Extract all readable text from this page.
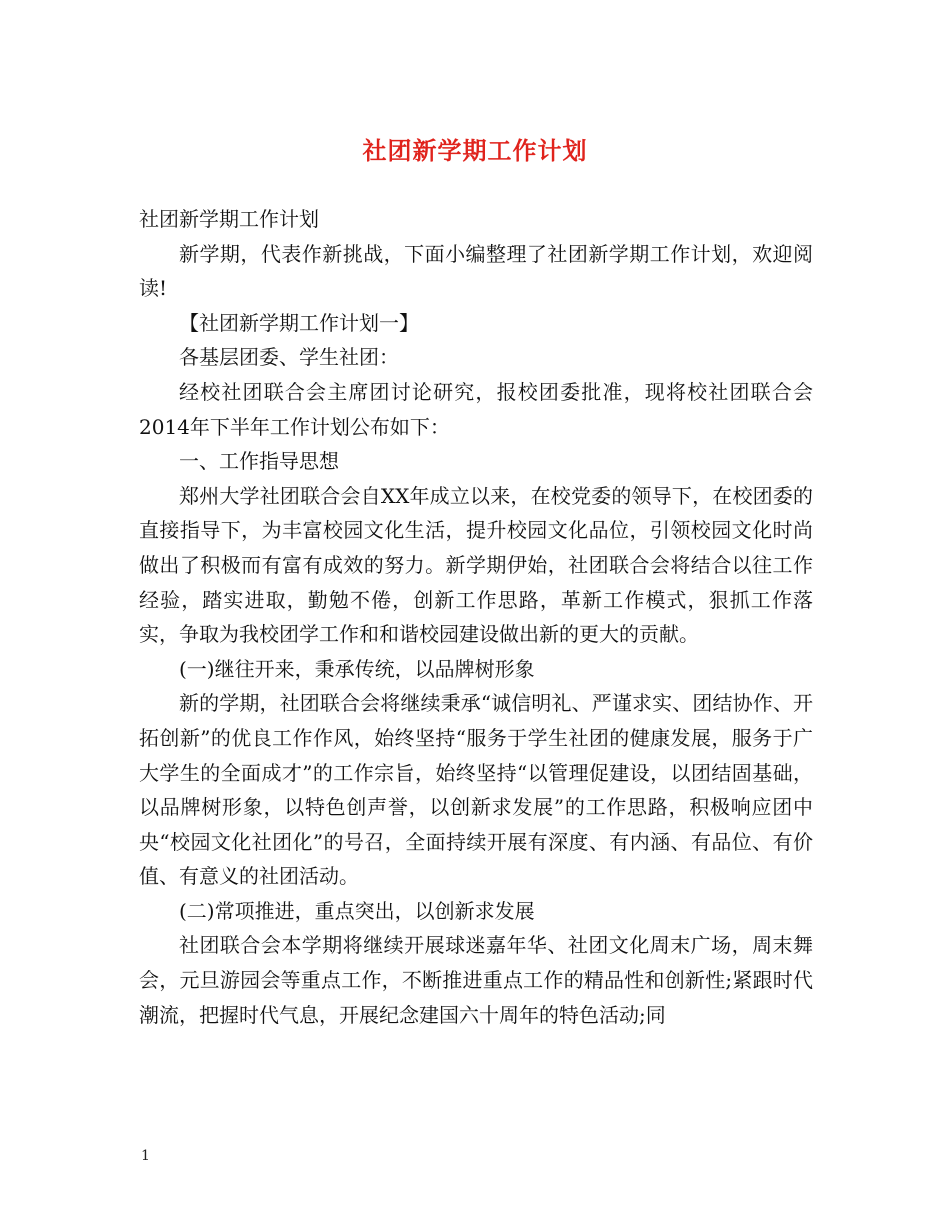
社团新学期工作计划

社团新学期工作计划

新学期，代表作新挑战，下面小编整理了社团新学期工作计划，欢迎阅读!

【社团新学期工作计划一】

各基层团委、学生社团：

经校社团联合会主席团讨论研究，报校团委批准，现将校社团联合会2014年下半年工作计划公布如下：

一、工作指导思想

郑州大学社团联合会自XX年成立以来，在校党委的领导下，在校团委的直接指导下，为丰富校园文化生活，提升校园文化品位，引领校园文化时尚做出了积极而有富有成效的努力。新学期伊始，社团联合会将结合以往工作经验，踏实进取，勤勉不倦，创新工作思路，革新工作模式，狠抓工作落实，争取为我校团学工作和和谐校园建设做出新的更大的贡献。

(一)继往开来，秉承传统，以品牌树形象

新的学期，社团联合会将继续秉承“诚信明礼、严谨求实、团结协作、开拓创新”的优良工作作风，始终坚持“服务于学生社团的健康发展，服务于广大学生的全面成才”的工作宗旨，始终坚持“以管理促建设，以团结固基础，以品牌树形象，以特色创声誉，以创新求发展”的工作思路，积极响应团中央“校园文化社团化”的号召，全面持续开展有深度、有内涵、有品位、有价值、有意义的社团活动。

(二)常项推进，重点突出，以创新求发展

社团联合会本学期将继续开展球迷嘉年华、社团文化周末广场，周末舞会，元旦游园会等重点工作，不断推进重点工作的精品性和创新性;紧跟时代潮流，把握时代气息，开展纪念建国六十周年的特色活动;同

1
